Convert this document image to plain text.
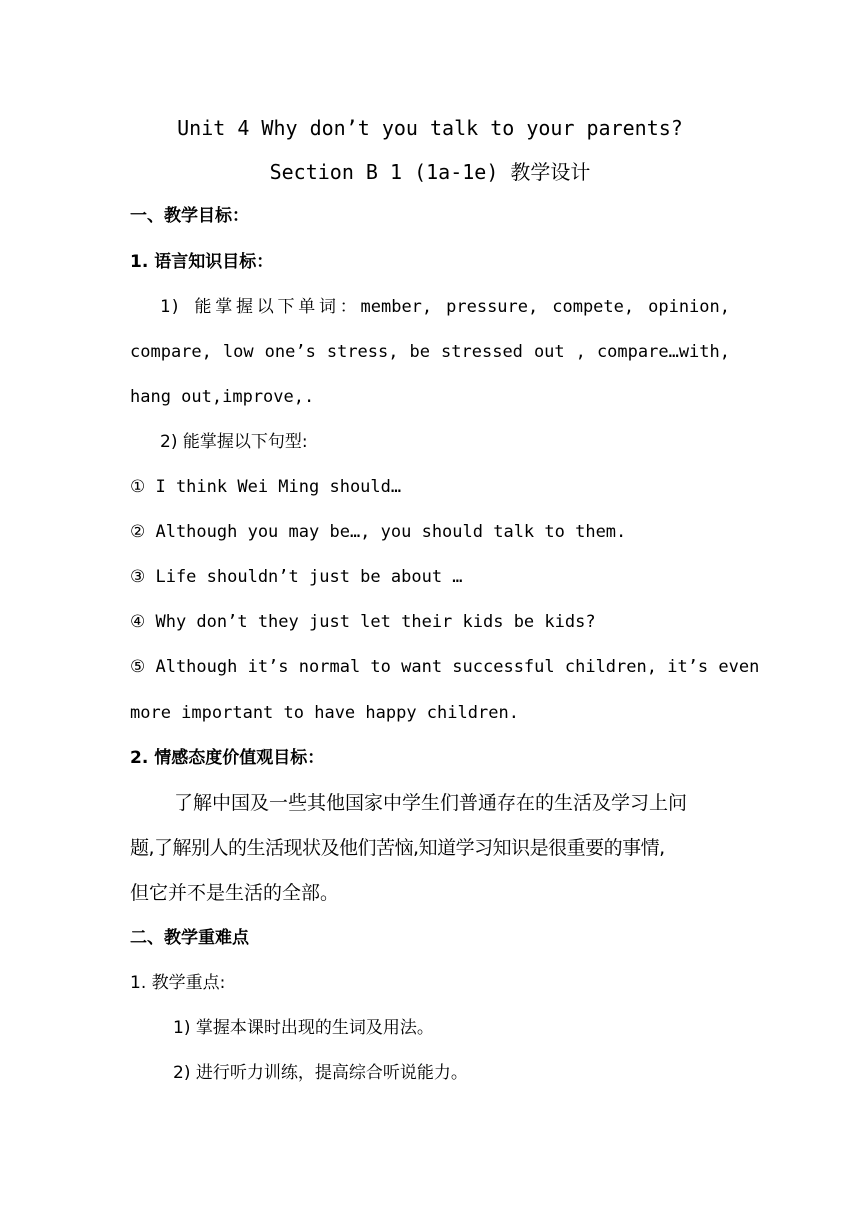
Unit 4 Why don’t you talk to your parents?
Section B 1 (1a-1e) 教学设计
一、教学目标：
1. 语言知识目标：
1) 能掌握以下单词：member, pressure, compete, opinion,
compare, low one’s stress, be stressed out , compare…with,
hang out,improve,.
2) 能掌握以下句型:
① I think Wei Ming should…
② Although you may be…, you should talk to them.
③ Life shouldn’t just be about …
④ Why don’t they just let their kids be kids?
⑤ Although it’s normal to want successful children, it’s even
more important to have happy children.
2. 情感态度价值观目标：
了解中国及一些其他国家中学生们普通存在的生活及学习上问
题,了解别人的生活现状及他们苦恼,知道学习知识是很重要的事情,
但它并不是生活的全部。
二、教学重难点
1. 教学重点:
1) 掌握本课时出现的生词及用法。
2) 进行听力训练，提高综合听说能力。
